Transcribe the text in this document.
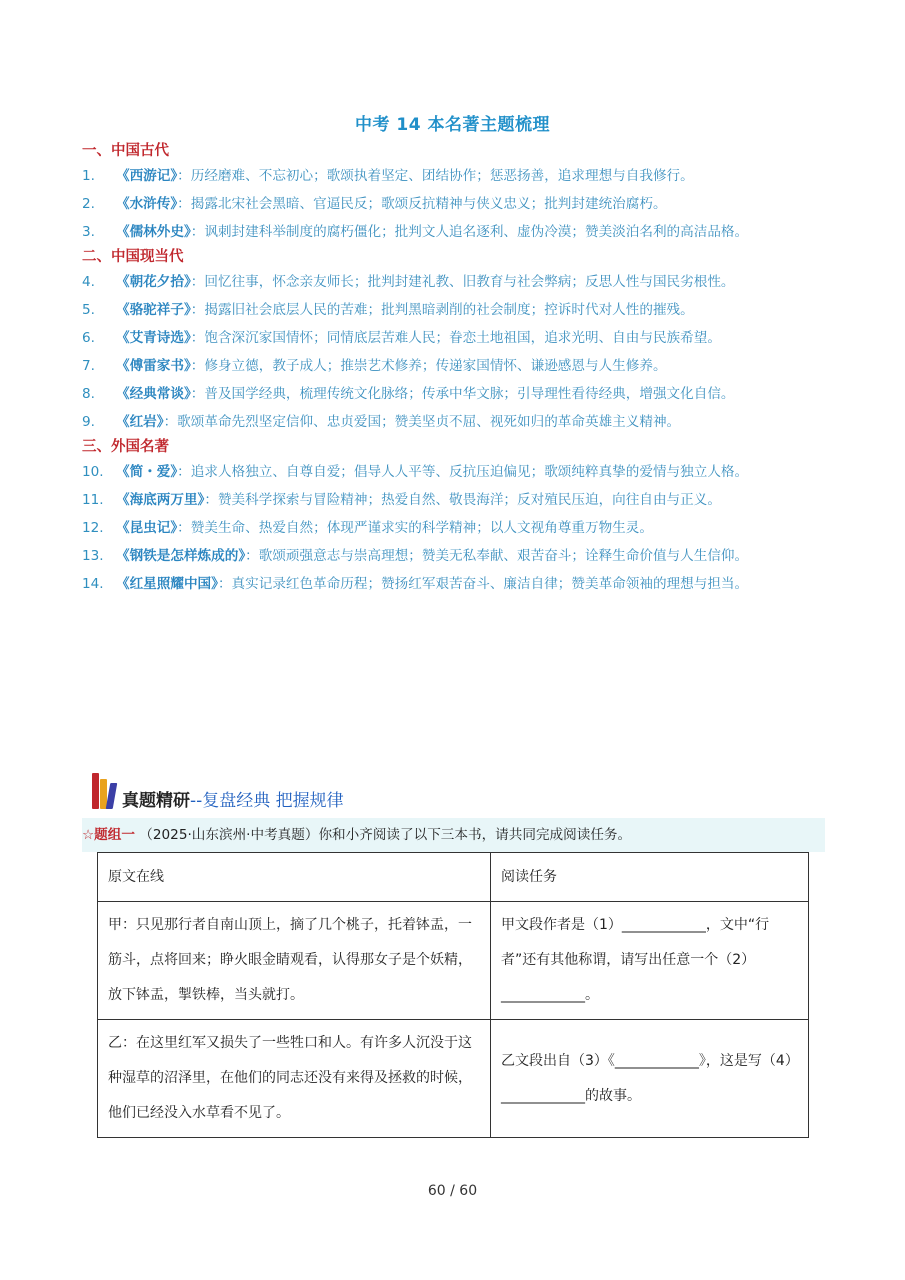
中考 14 本名著主题梳理
一、中国古代
1. 《西游记》：历经磨难、不忘初心；歌颂执着坚定、团结协作；惩恶扬善，追求理想与自我修行。
2. 《水浒传》：揭露北宋社会黑暗、官逼民反；歌颂反抗精神与侠义忠义；批判封建统治腐朽。
3. 《儒林外史》：讽刺封建科举制度的腐朽僵化；批判文人追名逐利、虚伪冷漠；赞美淡泊名利的高洁品格。
二、中国现当代
4. 《朝花夕拾》：回忆往事，怀念亲友师长；批判封建礼教、旧教育与社会弊病；反思人性与国民劣根性。
5. 《骆驼祥子》：揭露旧社会底层人民的苦难；批判黑暗剥削的社会制度；控诉时代对人性的摧残。
6. 《艾青诗选》：饱含深沉家国情怀；同情底层苦难人民；眷恋土地祖国，追求光明、自由与民族希望。
7. 《傅雷家书》：修身立德，教子成人；推崇艺术修养；传递家国情怀、谦逊感恩与人生修养。
8. 《经典常谈》：普及国学经典，梳理传统文化脉络；传承中华文脉；引导理性看待经典，增强文化自信。
9. 《红岩》：歌颂革命先烈坚定信仰、忠贞爱国；赞美坚贞不屈、视死如归的革命英雄主义精神。
三、外国名著
10. 《简・爱》：追求人格独立、自尊自爱；倡导人人平等、反抗压迫偏见；歌颂纯粹真挚的爱情与独立人格。
11. 《海底两万里》：赞美科学探索与冒险精神；热爱自然、敬畏海洋；反对殖民压迫，向往自由与正义。
12. 《昆虫记》：赞美生命、热爱自然；体现严谨求实的科学精神；以人文视角尊重万物生灵。
13. 《钢铁是怎样炼成的》：歌颂顽强意志与崇高理想；赞美无私奉献、艰苦奋斗；诠释生命价值与人生信仰。
14. 《红星照耀中国》：真实记录红色革命历程；赞扬红军艰苦奋斗、廉洁自律；赞美革命领袖的理想与担当。
真题精研--复盘经典 把握规律
☆题组一 （2025·山东滨州·中考真题）你和小齐阅读了以下三本书，请共同完成阅读任务。
原文在线	阅读任务
甲：只见那行者自南山顶上，摘了几个桃子，托着钵盂，一筋斗，点将回来；睁火眼金睛观看，认得那女子是个妖精，放下钵盂，掣铁棒，当头就打。	甲文段作者是（1）____________，文中“行者”还有其他称谓，请写出任意一个（2）____________。
乙：在这里红军又损失了一些牲口和人。有许多人沉没于这种湿草的沼泽里，在他们的同志还没有来得及拯救的时候，他们已经没入水草看不见了。	乙文段出自（3）《____________》，这是写（4）____________的故事。
60 / 60
